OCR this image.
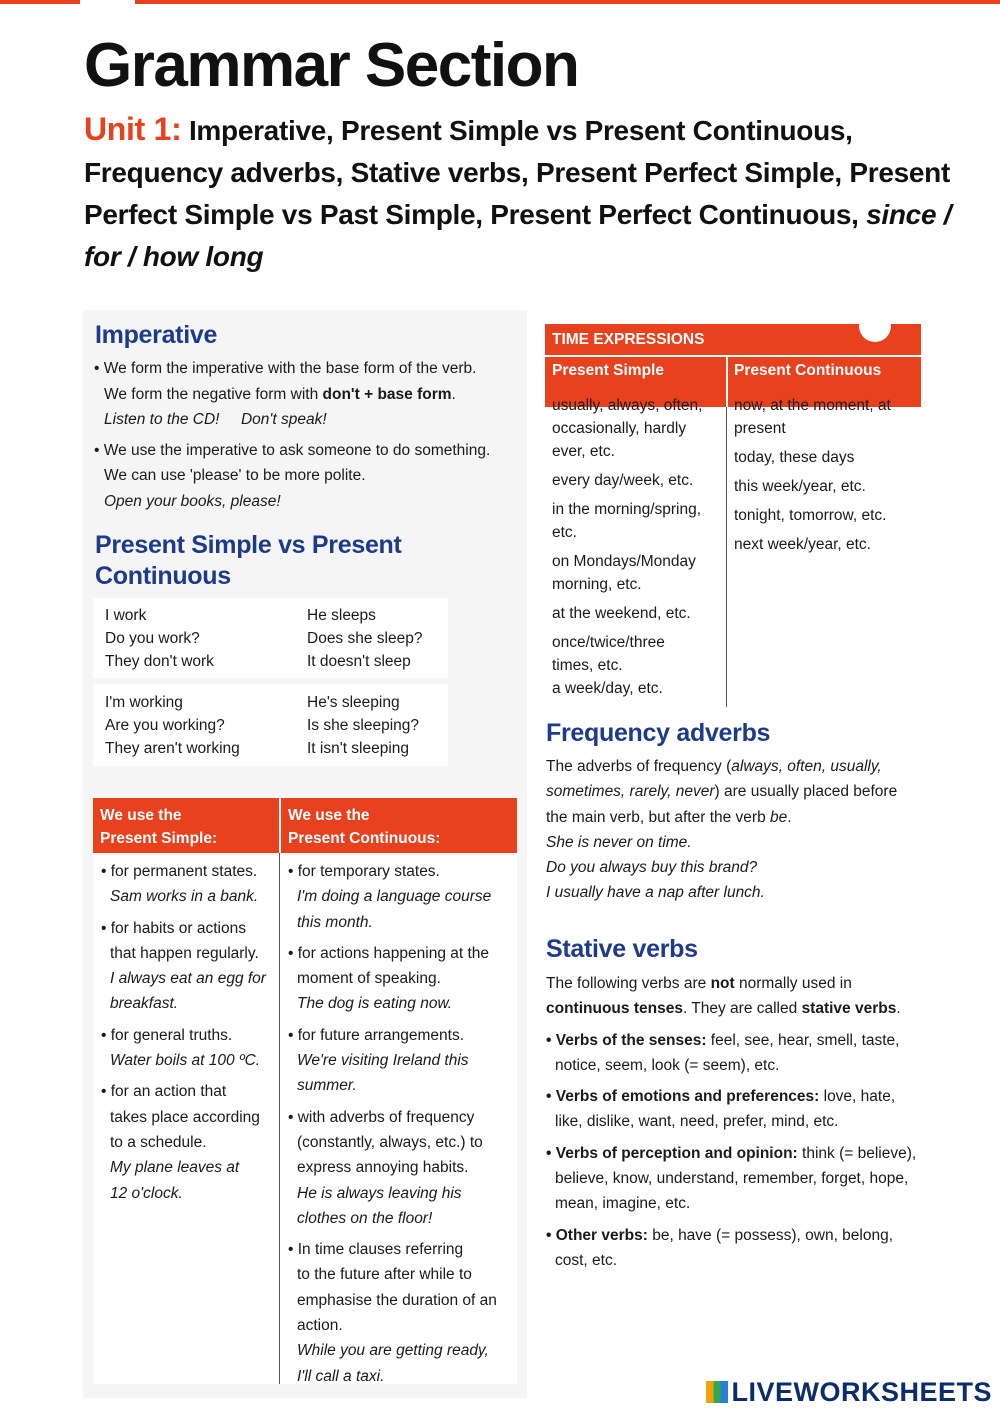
Grammar Section
Unit 1: Imperative, Present Simple vs Present Continuous, Frequency adverbs, Stative verbs, Present Perfect Simple, Present Perfect Simple vs Past Simple, Present Perfect Continuous, since / for / how long
Imperative
• We form the imperative with the base form of the verb.
We form the negative form with don't + base form.
Listen to the CD!     Don't speak!
• We use the imperative to ask someone to do something.
We can use 'please' to be more polite.
Open your books, please!
Present Simple vs Present
Continuous
I work
Do you work?
They don't work
He sleeps
Does she sleep?
It doesn't sleep
I'm working
Are you working?
They aren't working
He's sleeping
Is she sleeping?
It isn't sleeping
We use the
Present Simple:
We use the
Present Continuous:
• for permanent states.
Sam works in a bank.
• for habits or actions
that happen regularly.
I always eat an egg for
breakfast.
• for general truths.
Water boils at 100 ºC.
• for an action that
takes place according
to a schedule.
My plane leaves at
12 o'clock.
• for temporary states.
I'm doing a language course
this month.
• for actions happening at the
moment of speaking.
The dog is eating now.
• for future arrangements.
We're visiting Ireland this
summer.
• with adverbs of frequency
(constantly, always, etc.) to
express annoying habits.
He is always leaving his
clothes on the floor!
• In time clauses referring
to the future after while to
emphasise the duration of an
action.
While you are getting ready,
I'll call a taxi.
TIME EXPRESSIONS
Present Simple	Present Continuous
usually, always, often,
occasionally, hardly
ever, etc.
every day/week, etc.
in the morning/spring,
etc.
on Mondays/Monday
morning, etc.
at the weekend, etc.
once/twice/three
times, etc.
a week/day, etc.
now, at the moment, at
present
today, these days
this week/year, etc.
tonight, tomorrow, etc.
next week/year, etc.
Frequency adverbs
The adverbs of frequency (always, often, usually,
sometimes, rarely, never) are usually placed before
the main verb, but after the verb be.
She is never on time.
Do you always buy this brand?
I usually have a nap after lunch.
Stative verbs
The following verbs are not normally used in
continuous tenses. They are called stative verbs.
• Verbs of the senses: feel, see, hear, smell, taste,

notice, seem, look (= seem), etc.
• Verbs of emotions and preferences: love, hate,

like, dislike, want, need, prefer, mind, etc.
• Verbs of perception and opinion: think (= believe),

believe, know, understand, remember, forget, hope,
mean, imagine, etc.
• Other verbs: be, have (= possess), own, belong,

cost, etc.
LIVEWORKSHEETS
